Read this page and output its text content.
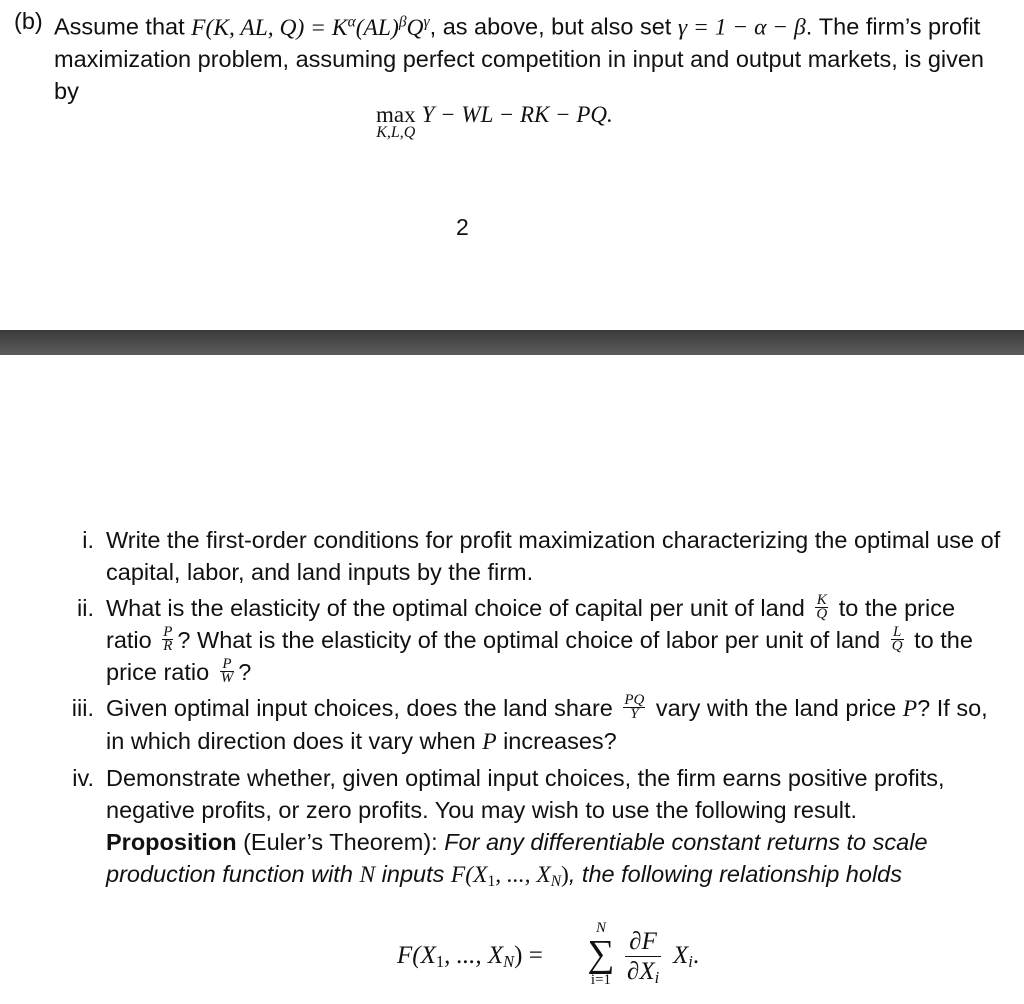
(b) Assume that F(K, AL, $Q) = K^\alpha(AL)^\beta Q^\gamma$, as above, but also set γ = 1 − α − β. The firm’s profit maximization problem, assuming perfect competition in input and output markets, is given by
max
K,L,Q
Y − WL − RK − PQ.
2
i. Write the first-order conditions for profit maximization characterizing the optimal use of capital, labor, and land inputs by the firm.
ii. What is the elasticity of the optimal choice of capital per unit of land $\frac{K}{Q}$ to the price ratio $\frac{P}{R}$ ? What is the elasticity of the optimal choice of labor per unit of land $\frac{L}{Q}$ to the price ratio $\frac{P}{W}$ ?
iii. Given optimal input choices, does the land share $\frac{PQ}{Y}$ vary with the land price P? If so, in which direction does it vary when P increases?
iv. Demonstrate whether, given optimal input choices, the firm earns positive profits, negative profits, or zero profits. You may wish to use the following result.
Proposition (Euler’s Theorem): For any differentiable constant returns to scale production function with N inputs $F(X_1$, ..., $X_N$), the following relationship holds
$F(X_1$, ..., $X_N$) =
N
∑
$i=1 \frac{\partial F}{\partial X_i} X_i$.
